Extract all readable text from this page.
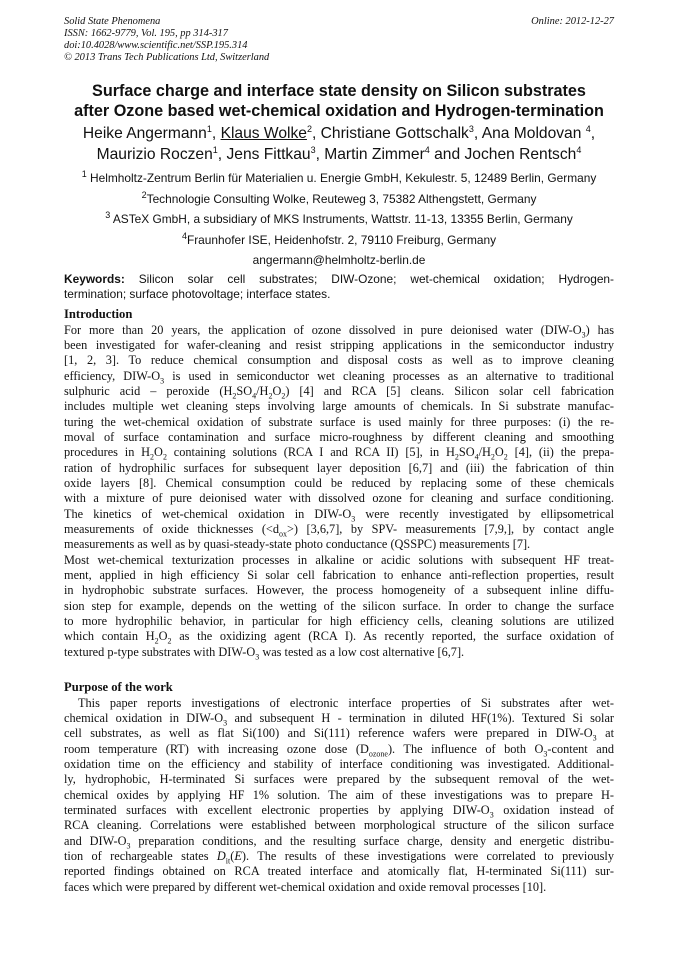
Solid State Phenomena
ISSN: 1662-9779, Vol. 195, pp 314-317
doi:10.4028/www.scientific.net/SSP.195.314
© 2013 Trans Tech Publications Ltd, Switzerland
Online: 2012-12-27
Surface charge and interface state density on Silicon substrates
after Ozone based wet-chemical oxidation and Hydrogen-termination
Heike Angermann$^1$, Klaus Wolke$^2$, Christiane Gottschalk$^3$, Ana Moldovan $^4$,
Maurizio Roczen$^1$, Jens Fittkau$^3$, Martin Zimmer$^4$ and Jochen Rentsch$^4$
$^1$ Helmholtz-Zentrum Berlin für Materialien u. Energie GmbH, Kekulestr. 5, 12489 Berlin, Germany
$^2$Technologie Consulting Wolke, Reuteweg 3, 75382 Althengstett, Germany
$^3$ ASTeX GmbH, a subsidiary of MKS Instruments, Wattstr. 11-13, 13355 Berlin, Germany
$^4$Fraunhofer ISE, Heidenhofstr. 2, 79110 Freiburg, Germany
angermann@helmholtz-berlin.de
Keywords: Silicon solar cell substrates; DIW-Ozone; wet-chemical oxidation; Hydrogen-
termination; surface photovoltage; interface states.
Introduction
For more than 20 years, the application of ozone dissolved in pure deionised water $(DIW-O_3)$ has
been investigated for wafer-cleaning and resist stripping applications in the semiconductor industry
[1, 2, 3]. To reduce chemical consumption and disposal costs as well as to improve cleaning
efficiency, DIW-$O_3$ is used in semiconductor wet cleaning processes as an alternative to traditional
sulphuric acid – peroxide $(H_2SO_4/H_2O_2)$ [4] and RCA [5] cleans. Silicon solar cell fabrication
includes multiple wet cleaning steps involving large amounts of chemicals. In Si substrate manufac-
turing the wet-chemical oxidation of substrate surface is used mainly for three purposes: (i) the re-
moval of surface contamination and surface micro-roughness by different cleaning and smoothing
procedures in $H_2O_2$ containing solutions (RCA I and RCA II) [5], in $H_2SO_4/H_2O_2$ [4], (ii) the prepa-
ration of hydrophilic surfaces for subsequent layer deposition [6,7] and (iii) the fabrication of thin
oxide layers [8]. Chemical consumption could be reduced by replacing some of these chemicals
with a mixture of pure deionised water with dissolved ozone for cleaning and surface conditioning.
The kinetics of wet-chemical oxidation in DIW-$O_3$ were recently investigated by ellipsometrical
measurements of oxide thicknesses $(<d_{ox}>)$ [3,6,7], by SPV- measurements [7,9,], by contact angle
measurements as well as by quasi-steady-state photo conductance (QSSPC) measurements [7].
Most wet-chemical texturization processes in alkaline or acidic solutions with subsequent HF treat-
ment, applied in high efficiency Si solar cell fabrication to enhance anti-reflection properties, result
in hydrophobic substrate surfaces. However, the process homogeneity of a subsequent inline diffu-
sion step for example, depends on the wetting of the silicon surface. In order to change the surface
to more hydrophilic behavior, in particular for high efficiency cells, cleaning solutions are utilized
which contain $H_2O_2$ as the oxidizing agent (RCA I). As recently reported, the surface oxidation of
textured p-type substrates with DIW-$O_3$ was tested as a low cost alternative [6,7].
Purpose of the work
This paper reports investigations of electronic interface properties of Si substrates after wet-
chemical oxidation in DIW-$O_3$ and subsequent H - termination in diluted HF(1%). Textured Si solar
cell substrates, as well as flat Si(100) and Si(111) reference wafers were prepared in DIW-$O_3$ at
room temperature (RT) with increasing ozone dose $(D_{ozone})$. The influence of both $O_3$-content and
oxidation time on the efficiency and stability of interface conditioning was investigated. Additional-
ly, hydrophobic, H-terminated Si surfaces were prepared by the subsequent removal of the wet-
chemical oxides by applying HF 1% solution. The aim of these investigations was to prepare H-
terminated surfaces with excellent electronic properties by applying DIW-$O_3$ oxidation instead of
RCA cleaning. Correlations were established between morphological structure of the silicon surface
and DIW-$O_3$ preparation conditions, and the resulting surface charge, density and energetic distribu-
tion of rechargeable states $D_{it}(E)$. The results of these investigations were correlated to previously
reported findings obtained on RCA treated interface and atomically flat, H-terminated Si(111) sur-
faces which were prepared by different wet-chemical oxidation and oxide removal processes [10].
